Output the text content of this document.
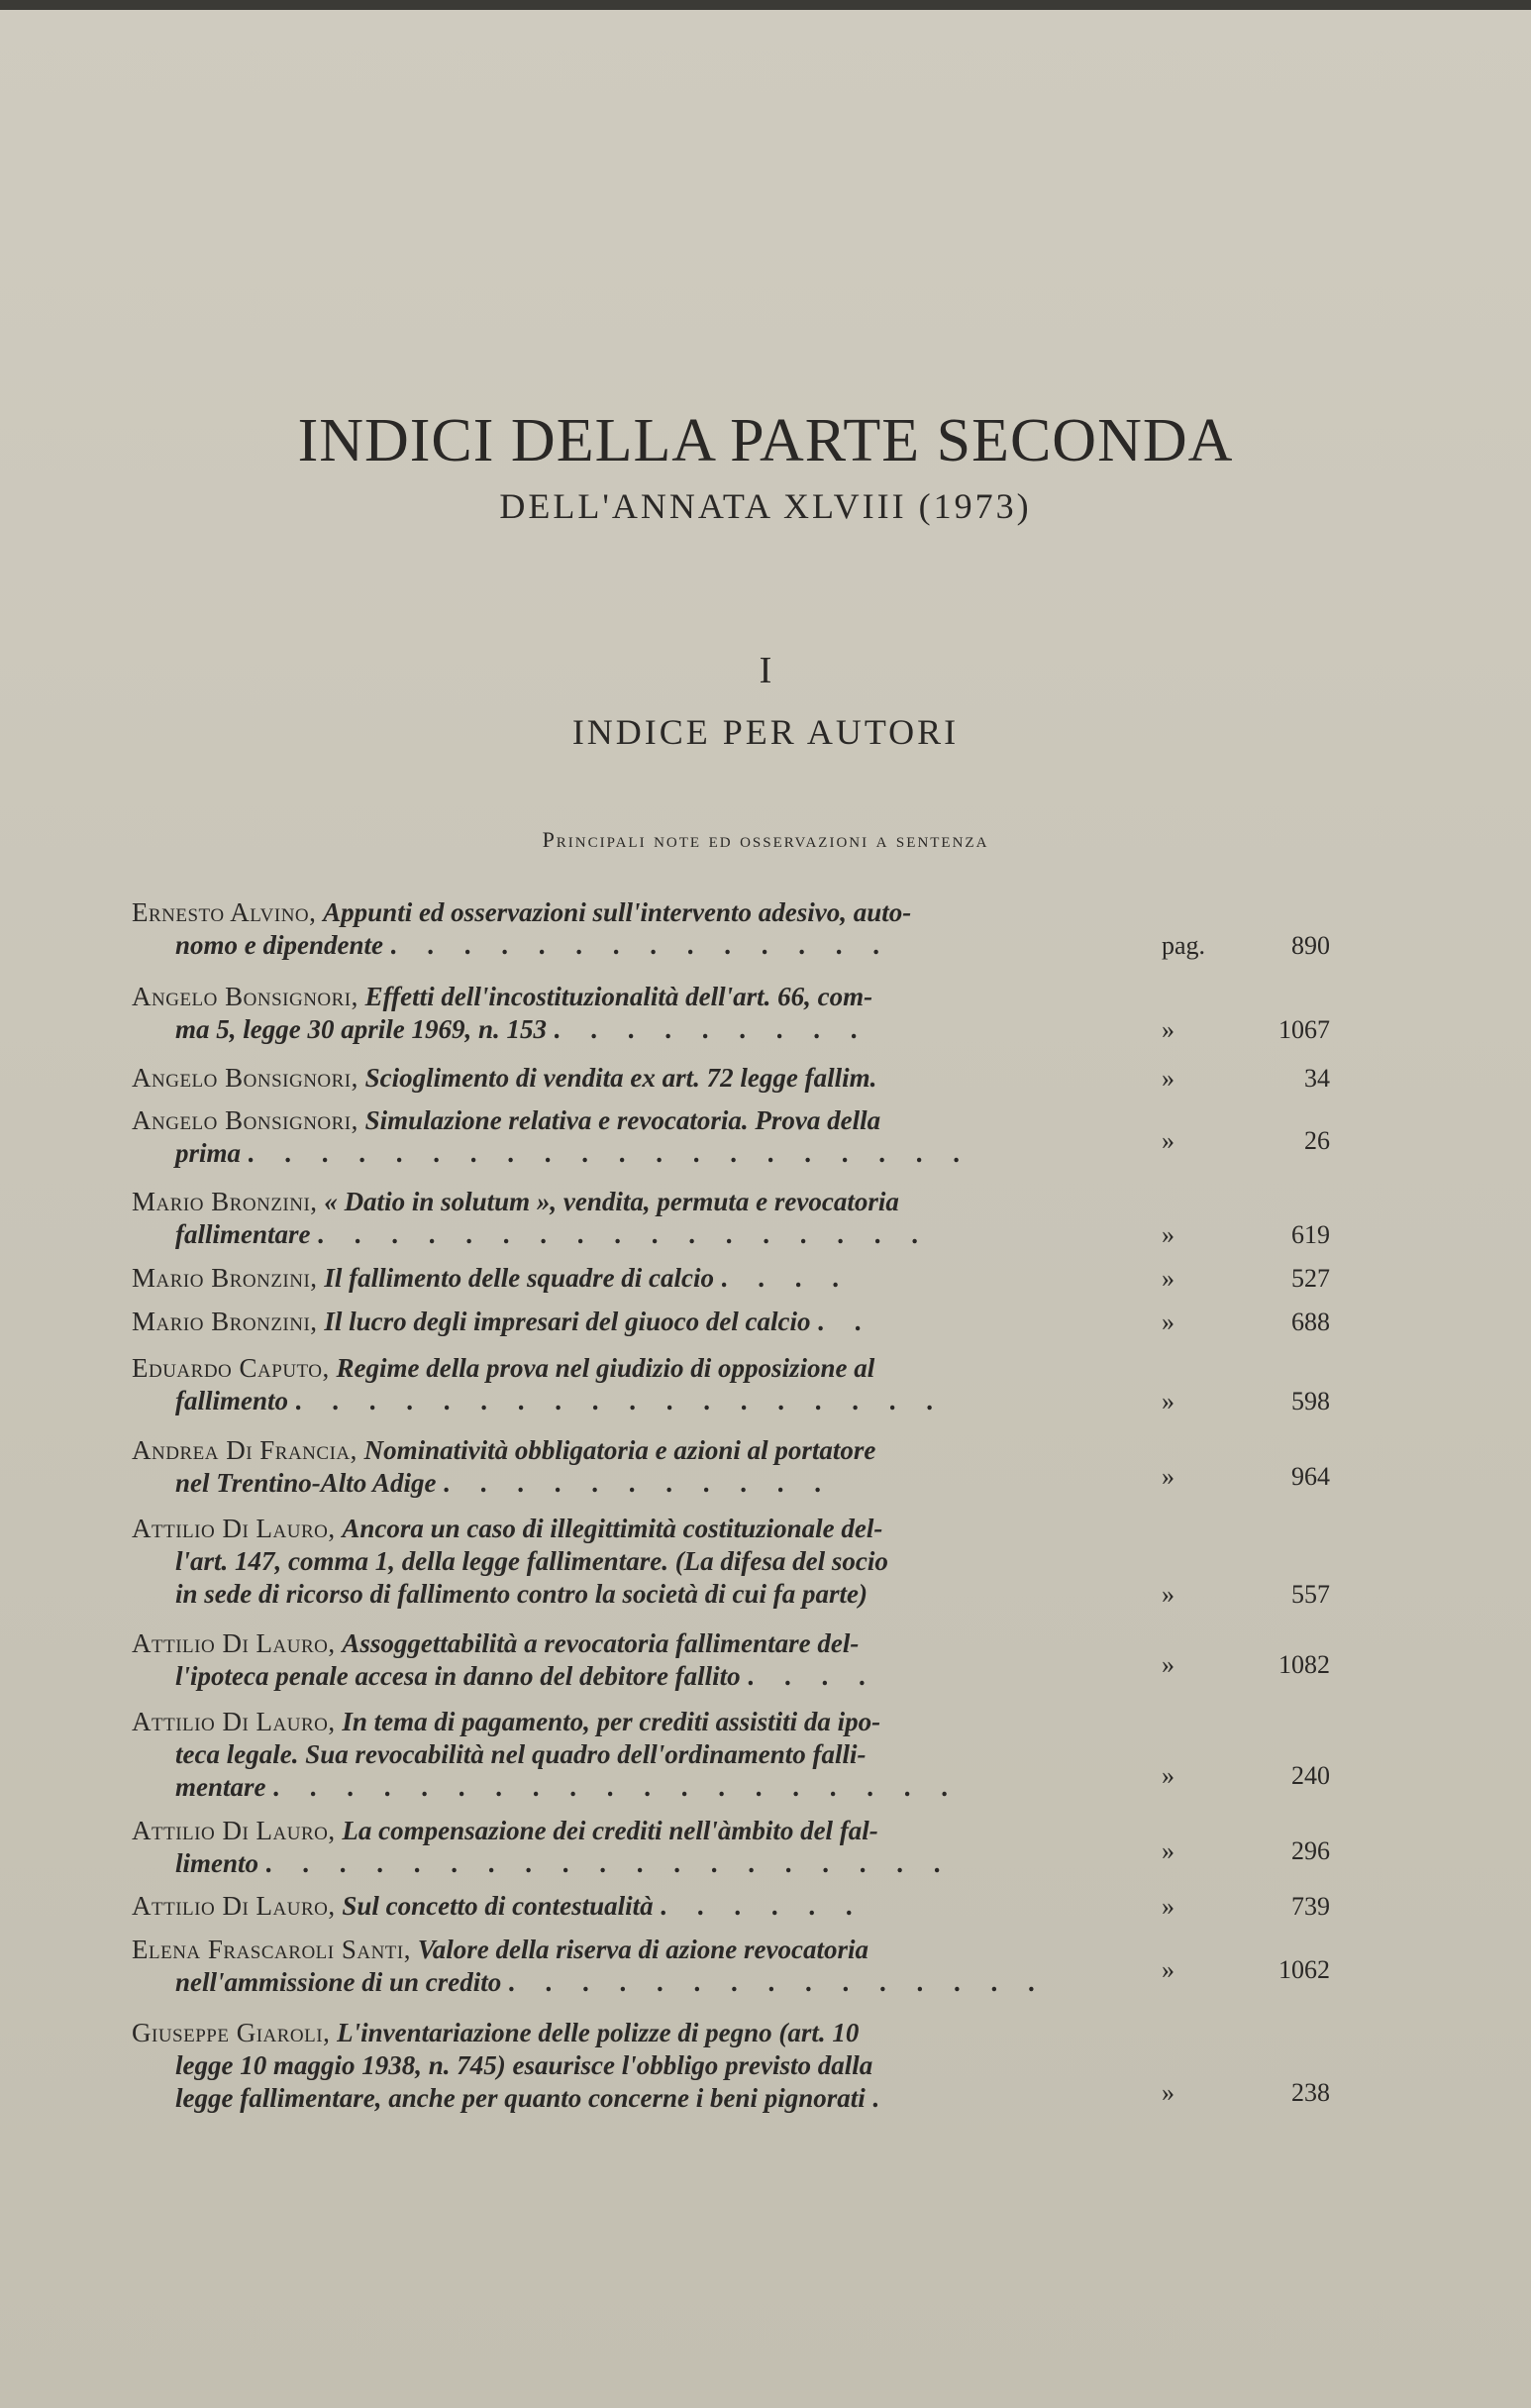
INDICI DELLA PARTE SECONDA
DELL'ANNATA XLVIII (1973)
I
INDICE PER AUTORI
Principali note ed osservazioni a sentenza
Ernesto Alvino, Appunti ed osservazioni sull'intervento adesivo, auto-
nomo e dipendente . . . . . . . . . . . . . .	pag.	890
Angelo Bonsignori, Effetti dell'incostituzionalità dell'art. 66, com-
ma 5, legge 30 aprile 1969, n. 153 . . . . . . . . .	»	1067
Angelo Bonsignori, Scioglimento di vendita ex art. 72 legge fallim.	»	34
Angelo Bonsignori, Simulazione relativa e revocatoria. Prova della
prima . . . . . . . . . . . . . . . . . . . .	»	26
Mario Bronzini, « Datio in solutum », vendita, permuta e revocatoria
fallimentare . . . . . . . . . . . . . . . . .	»	619
Mario Bronzini, Il fallimento delle squadre di calcio . . . .	»	527
Mario Bronzini, Il lucro degli impresari del giuoco del calcio . .	»	688
Eduardo Caputo, Regime della prova nel giudizio di opposizione al
fallimento . . . . . . . . . . . . . . . . . .	»	598
Andrea Di Francia, Nominatività obbligatoria e azioni al portatore
nel Trentino-Alto Adige . . . . . . . . . . .	»	964
Attilio Di Lauro, Ancora un caso di illegittimità costituzionale del-
l'art. 147, comma 1, della legge fallimentare. (La difesa del socio
in sede di ricorso di fallimento contro la società di cui fa parte)	»	557
Attilio Di Lauro, Assoggettabilità a revocatoria fallimentare del-
l'ipoteca penale accesa in danno del debitore fallito . . . .	»	1082
Attilio Di Lauro, In tema di pagamento, per crediti assistiti da ipo-
teca legale. Sua revocabilità nel quadro dell'ordinamento falli-
mentare . . . . . . . . . . . . . . . . . . .	»	240
Attilio Di Lauro, La compensazione dei crediti nell'àmbito del fal-
limento . . . . . . . . . . . . . . . . . . .	»	296
Attilio Di Lauro, Sul concetto di contestualità . . . . . .	»	739
Elena Frascaroli Santi, Valore della riserva di azione revocatoria
nell'ammissione di un credito . . . . . . . . . . . . . . .	»	1062
Giuseppe Giaroli, L'inventariazione delle polizze di pegno (art. 10
legge 10 maggio 1938, n. 745) esaurisce l'obbligo previsto dalla
legge fallimentare, anche per quanto concerne i beni pignorati .	»	238
